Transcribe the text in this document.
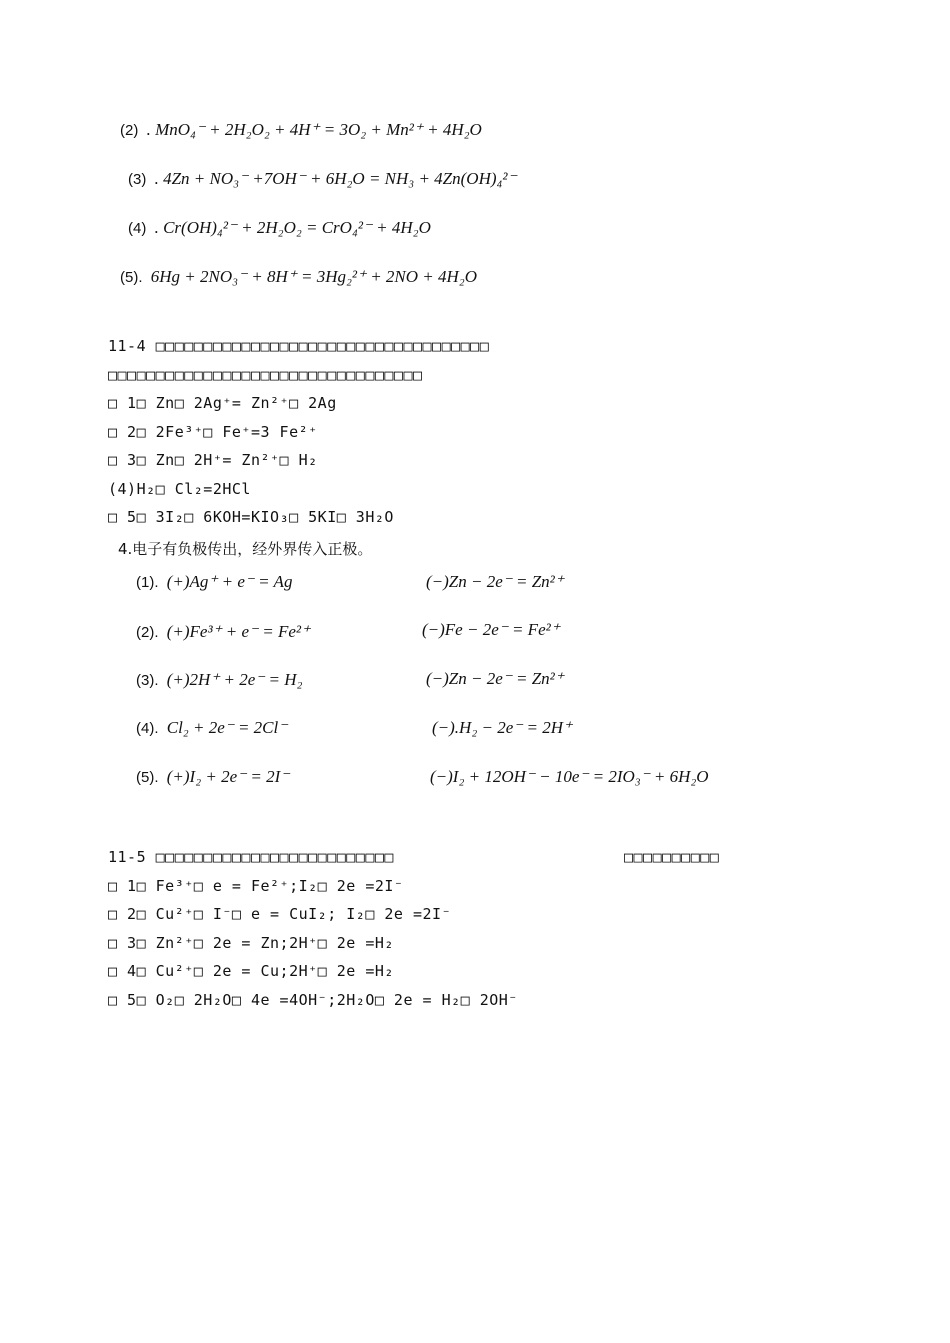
(2) . MnO₄⁻ + 2H₂O₂ + 4H⁺ = 3O₂ + Mn²⁺ + 4H₂O
(3) . 4Zn + NO₃⁻ +7OH⁻ + 6H₂O = NH₃ + 4Zn(OH)₄²⁻
(4) . Cr(OH)₄²⁻ + 2H₂O₂ = CrO₄²⁻ + 4H₂O
(5). 6Hg + 2NO₃⁻ + 8H⁺ = 3Hg₂²⁺ + 2NO + 4H₂O
11-4 □□□□□□□□□□□□□□□□□□□□□□□□□□□□□□□□□□□
□□□□□□□□□□□□□□□□□□□□□□□□□□□□□□□□□
□ 1□ Zn□ 2Ag⁺= Zn²⁺□ 2Ag
□ 2□ 2Fe³⁺□ Fe⁺=3 Fe²⁺
□ 3□ Zn□ 2H⁺= Zn²⁺□ H₂
(4)H₂□ Cl₂=2HCl
□ 5□ 3I₂□ 6KOH=KIO₃□ 5KI□ 3H₂O
4.电子有负极传出，经外界传入正极。
(1). (+)Ag⁺ + e⁻ = Ag	(−)Zn − 2e⁻ = Zn²⁺
(2). (+)Fe³⁺ + e⁻ = Fe²⁺	(−)Fe − 2e⁻ = Fe²⁺
(3). (+)2H⁺ + 2e⁻ = H₂	(−)Zn − 2e⁻ = Zn²⁺
(4). Cl₂ + 2e⁻ = 2Cl⁻	(−).H₂ − 2e⁻ = 2H⁺
(5). (+)I₂ + 2e⁻ = 2I⁻	(−)I₂ + 12OH⁻ − 10e⁻ = 2IO₃⁻ + 6H₂O
11-5 □□□□□□□□□□□□□□□□□□□□□□□□□	□□□□□□□□□□
□ 1□ Fe³⁺□ e = Fe²⁺;I₂□ 2e =2I⁻
□ 2□ Cu²⁺□ I⁻□ e = CuI₂; I₂□ 2e =2I⁻
□ 3□ Zn²⁺□ 2e = Zn;2H⁺□ 2e =H₂
□ 4□ Cu²⁺□ 2e = Cu;2H⁺□ 2e =H₂
□ 5□ O₂□ 2H₂O□ 4e =4OH⁻;2H₂O□ 2e = H₂□ 2OH⁻
